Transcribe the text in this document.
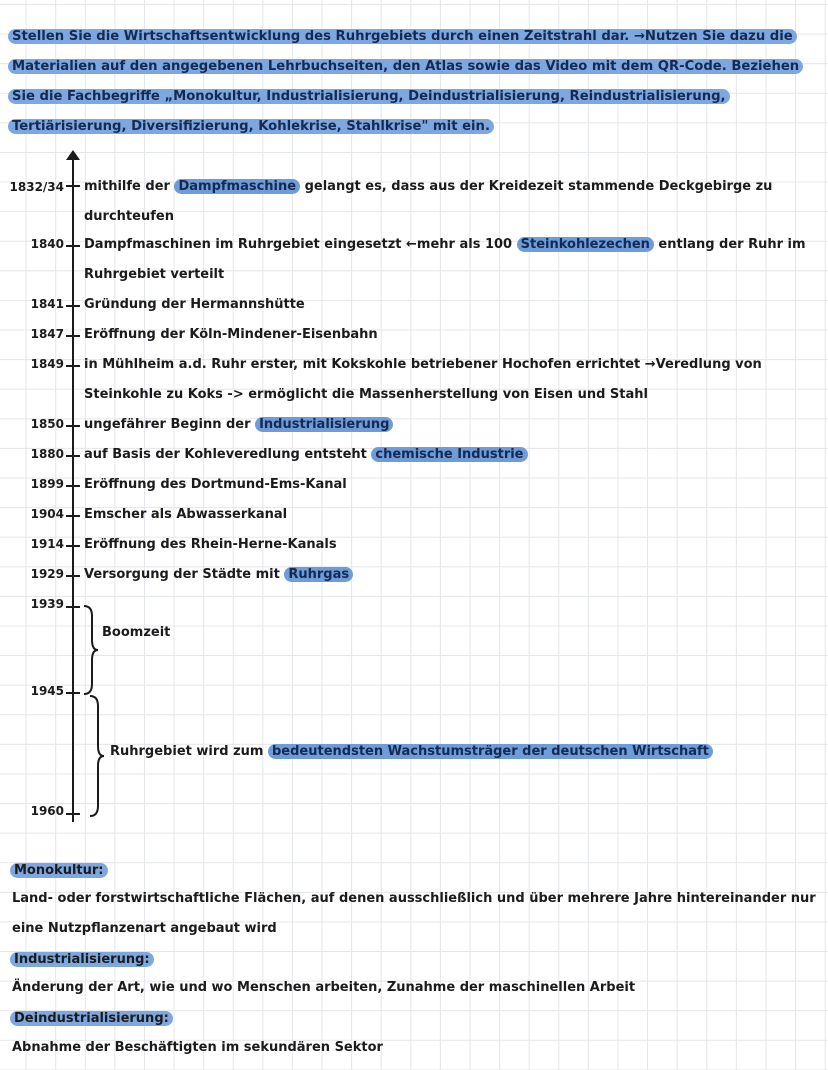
Stellen Sie die Wirtschaftsentwicklung des Ruhrgebiets durch einen Zeitstrahl dar. →Nutzen Sie dazu die Materialien auf den angegebenen Lehrbuchseiten, den Atlas sowie das Video mit dem QR-Code. Beziehen Sie die Fachbegriffe „Monokultur, Industrialisierung, Deindustrialisierung, Reindustrialisierung, Tertiärisierung, Diversifizierung, Kohlekrise, Stahlkrise" mit ein.
1832/34 mithilfe der Dampfmaschine gelangt es, dass aus der Kreidezeit stammende Deckgebirge zu durchteufen
1840 Dampfmaschinen im Ruhrgebiet eingesetzt ←mehr als 100 Steinkohlezechen entlang der Ruhr im Ruhrgebiet verteilt
1841 Gründung der Hermannshütte
1847 Eröffnung der Köln-Mindener-Eisenbahn
1849 in Mühlheim a.d. Ruhr erster, mit Kokskohle betriebener Hochofen errichtet →Veredlung von Steinkohle zu Koks -> ermöglicht die Massenherstellung von Eisen und Stahl
1850 ungefährer Beginn der Industrialisierung
1880 auf Basis der Kohleveredlung entsteht chemische Industrie
1899 Eröffnung des Dortmund-Ems-Kanal
1904 Emscher als Abwasserkanal
1914 Eröffnung des Rhein-Herne-Kanals
1929 Versorgung der Städte mit Ruhrgas
1939
1945
1960
Boomzeit
Ruhrgebiet wird zum bedeutendsten Wachstumsträger der deutschen Wirtschaft
Monokultur:
Land- oder forstwirtschaftliche Flächen, auf denen ausschließlich und über mehrere Jahre hintereinander nur eine Nutzpflanzenart angebaut wird
Industrialisierung:
Änderung der Art, wie und wo Menschen arbeiten, Zunahme der maschinellen Arbeit
Deindustrialisierung:
Abnahme der Beschäftigten im sekundären Sektor
